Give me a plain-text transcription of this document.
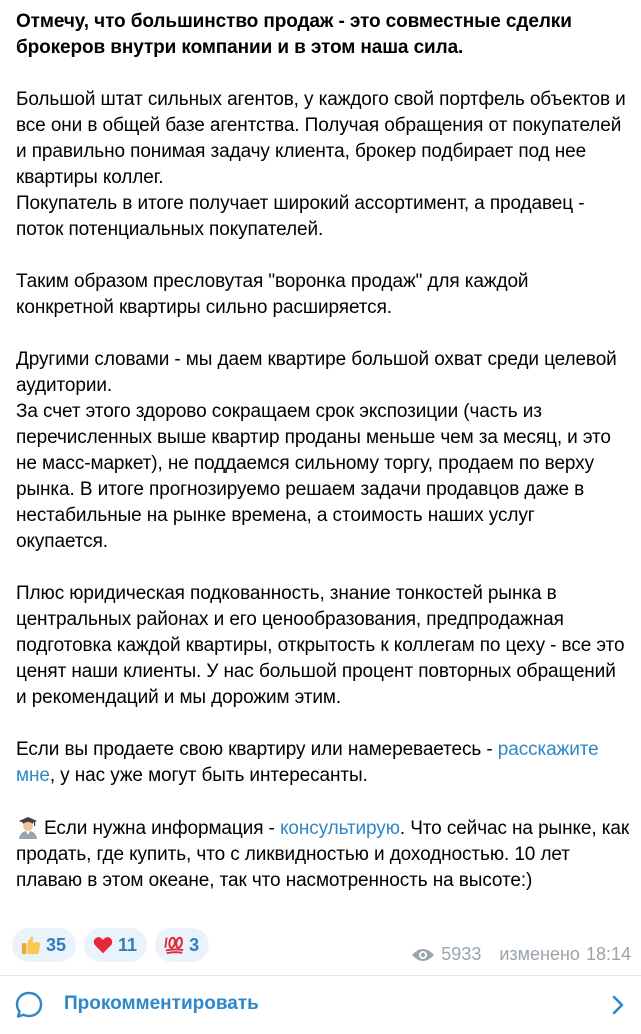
Отмечу, что большинство продаж - это совместные сделки брокеров внутри компании и в этом наша сила.

Большой штат сильных агентов, у каждого свой портфель объектов и все они в общей базе агентства. Получая обращения от покупателей и правильно понимая задачу клиента, брокер подбирает под нее квартиры коллег.

Покупатель в итоге получает широкий ассортимент, а продавец - поток потенциальных покупателей.

Таким образом пресловутая "воронка продаж" для каждой конкретной квартиры сильно расширяется.

Другими словами - мы даем квартире большой охват среди целевой аудитории.

За счет этого здорово сокращаем срок экспозиции (часть из перечисленных выше квартир проданы меньше чем за месяц, и это не масс-маркет), не поддаемся сильному торгу, продаем по верху рынка. В итоге прогнозируемо решаем задачи продавцов даже в нестабильные на рынке времена, а стоимость наших услуг окупается.

Плюс юридическая подкованность, знание тонкостей рынка в центральных районах и его ценообразования, предпродажная подготовка каждой квартиры, открытость к коллегам по цеху - все это ценят наши клиенты. У нас большой процент повторных обращений и рекомендаций и мы дорожим этим.

Если вы продаете свою квартиру или намереваетесь - расскажите мне, у нас уже могут быть интересанты.

Если нужна информация - консультирую. Что сейчас на рынке, как продать, где купить, что с ликвидностью и доходностью. 10 лет плаваю в этом океане, так что насмотренность на высоте:)

35	11	3	5933 изменено 18:14
Прокомментировать
